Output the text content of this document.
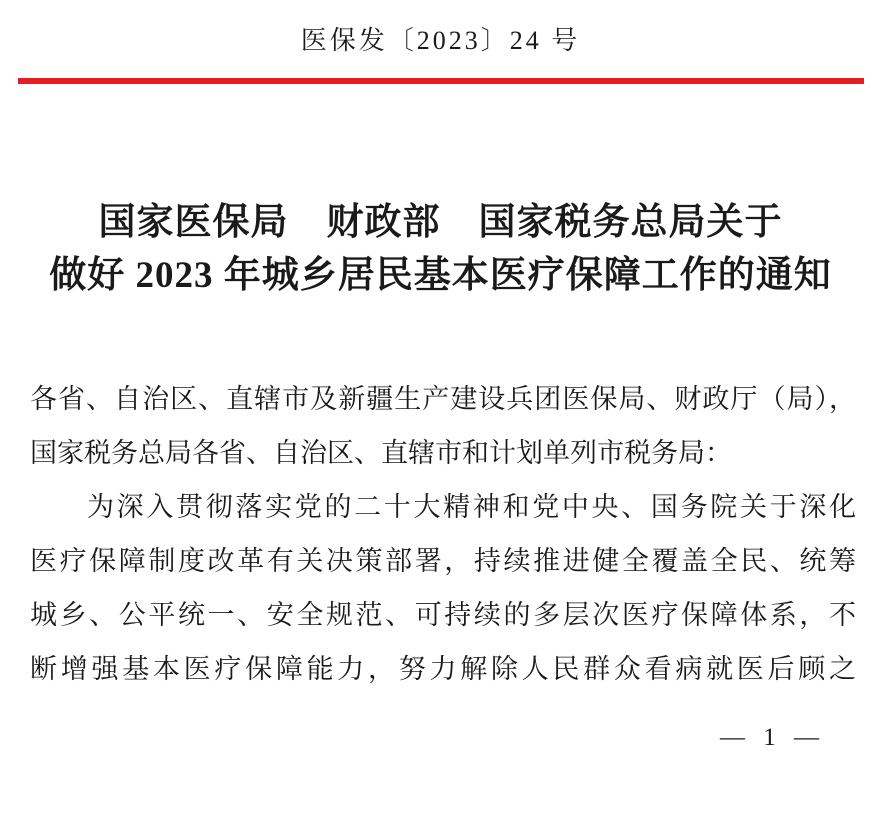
医保发〔2023〕24 号
国家医保局　财政部　国家税务总局关于
做好 2023 年城乡居民基本医疗保障工作的通知
各省、自治区、直辖市及新疆生产建设兵团医保局、财政厅（局），
国家税务总局各省、自治区、直辖市和计划单列市税务局：
为深入贯彻落实党的二十大精神和党中央、国务院关于深化
医疗保障制度改革有关决策部署，持续推进健全覆盖全民、统筹
城乡、公平统一、安全规范、可持续的多层次医疗保障体系，不
断增强基本医疗保障能力，努力解除人民群众看病就医后顾之
— 1 —
